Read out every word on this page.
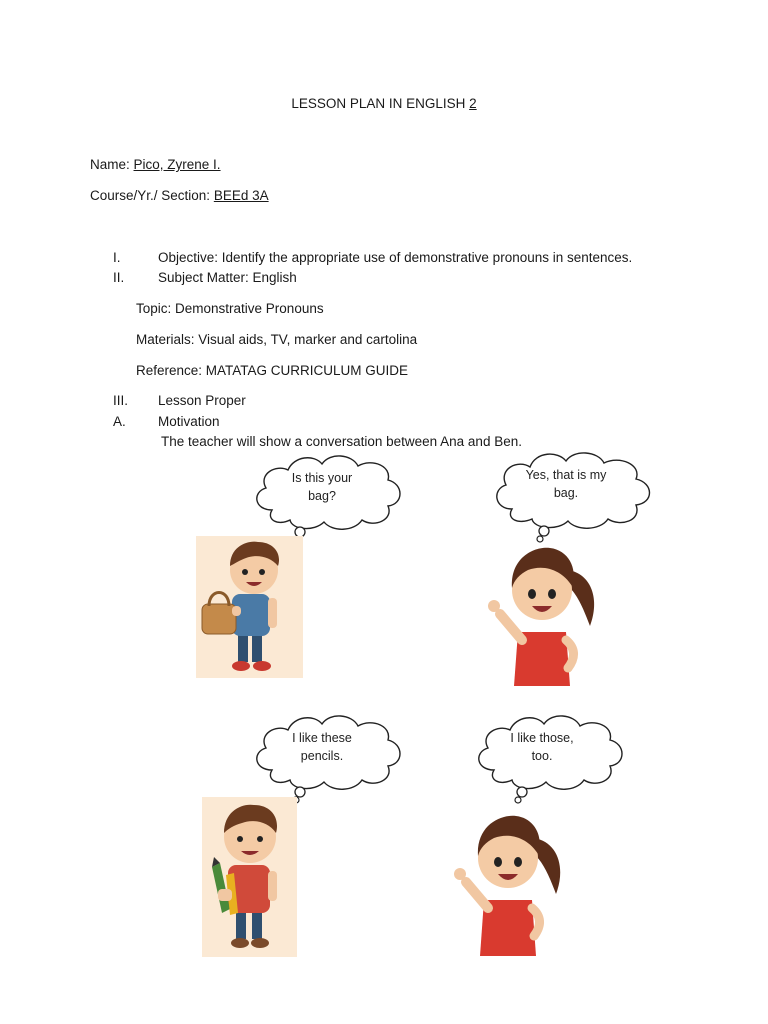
LESSON PLAN IN ENGLISH 2
Name: Pico, Zyrene I.
Course/Yr./ Section: BEEd 3A
I.	Objective: Identify the appropriate use of demonstrative pronouns in sentences.
II. Subject Matter: English
Topic: Demonstrative Pronouns
Materials: Visual aids, TV, marker and cartolina
Reference: MATATAG CURRICULUM GUIDE
III. Lesson Proper
A. Motivation
The teacher will show a conversation between Ana and Ben.
Is this your
bag?
Yes, that is my
bag.
I like these
pencils.
I like those,
too.
